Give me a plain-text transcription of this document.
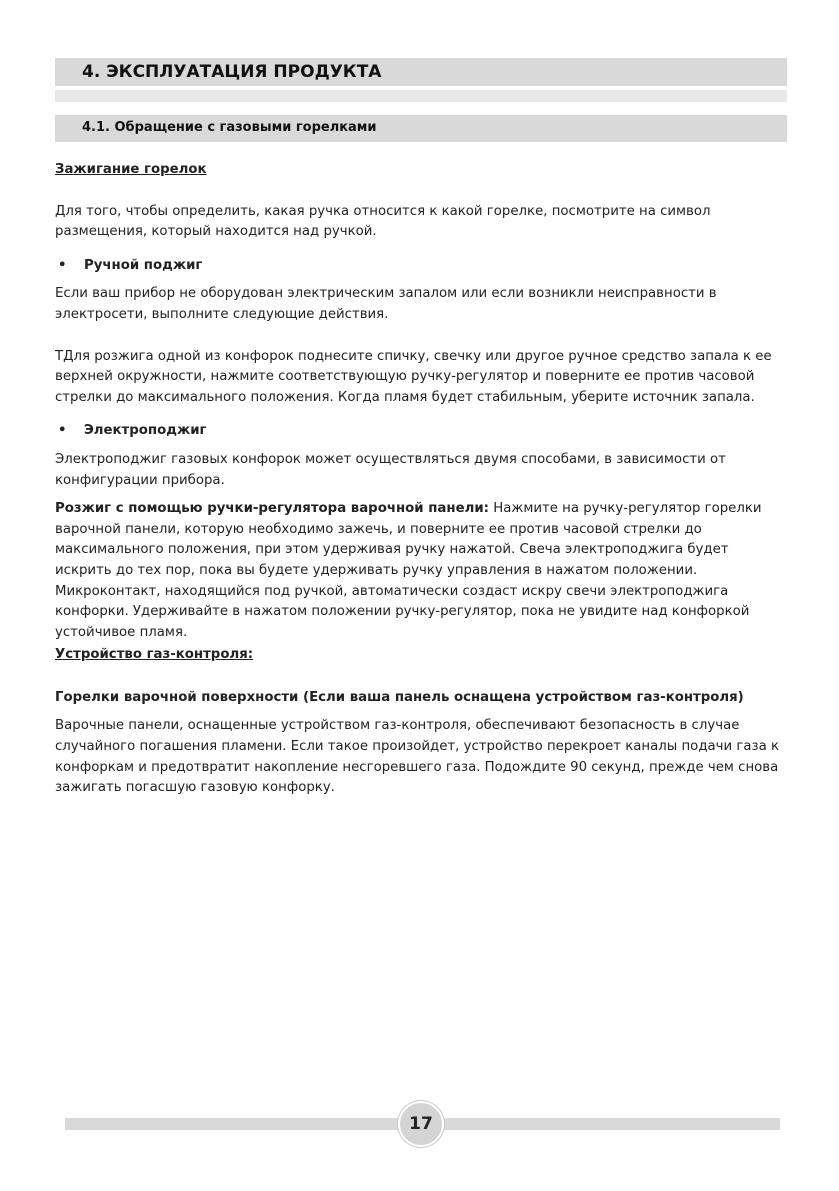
4. ЭКСПЛУАТАЦИЯ ПРОДУКТА
4.1. Обращение с газовыми горелками

Зажигание горелок

Для того, чтобы определить, какая ручка относится к какой горелке, посмотрите на символ размещения, который находится над ручкой.

• Ручной поджиг

Если ваш прибор не оборудован электрическим запалом или если возникли неисправности в электросети, выполните следующие действия.

ТДля розжига одной из конфорок поднесите спичку, свечку или другое ручное средство запала к ее верхней окружности, нажмите соответствующую ручку-регулятор и поверните ее против часовой стрелки до максимального положения. Когда пламя будет стабильным, уберите источник запала.

• Электроподжиг

Электроподжиг газовых конфорок может осуществляться двумя способами, в зависимости от конфигурации прибора.

Розжиг с помощью ручки-регулятора варочной панели: Нажмите на ручку-регулятор горелки варочной панели, которую необходимо зажечь, и поверните ее против часовой стрелки до максимального положения, при этом удерживая ручку нажатой. Свеча электроподжига будет искрить до тех пор, пока вы будете удерживать ручку управления в нажатом положении. Микроконтакт, находящийся под ручкой, автоматически создаст искру свечи электроподжига конфорки. Удерживайте в нажатом положении ручку-регулятор, пока не увидите над конфоркой устойчивое пламя.

Устройство газ-контроля:

Горелки варочной поверхности (Если ваша панель оснащена устройством газ-контроля)

Варочные панели, оснащенные устройством газ-контроля, обеспечивают безопасность в случае случайного погашения пламени. Если такое произойдет, устройство перекроет каналы подачи газа к конфоркам и предотвратит накопление несгоревшего газа. Подождите 90 секунд, прежде чем снова зажигать погасшую газовую конфорку.

17
